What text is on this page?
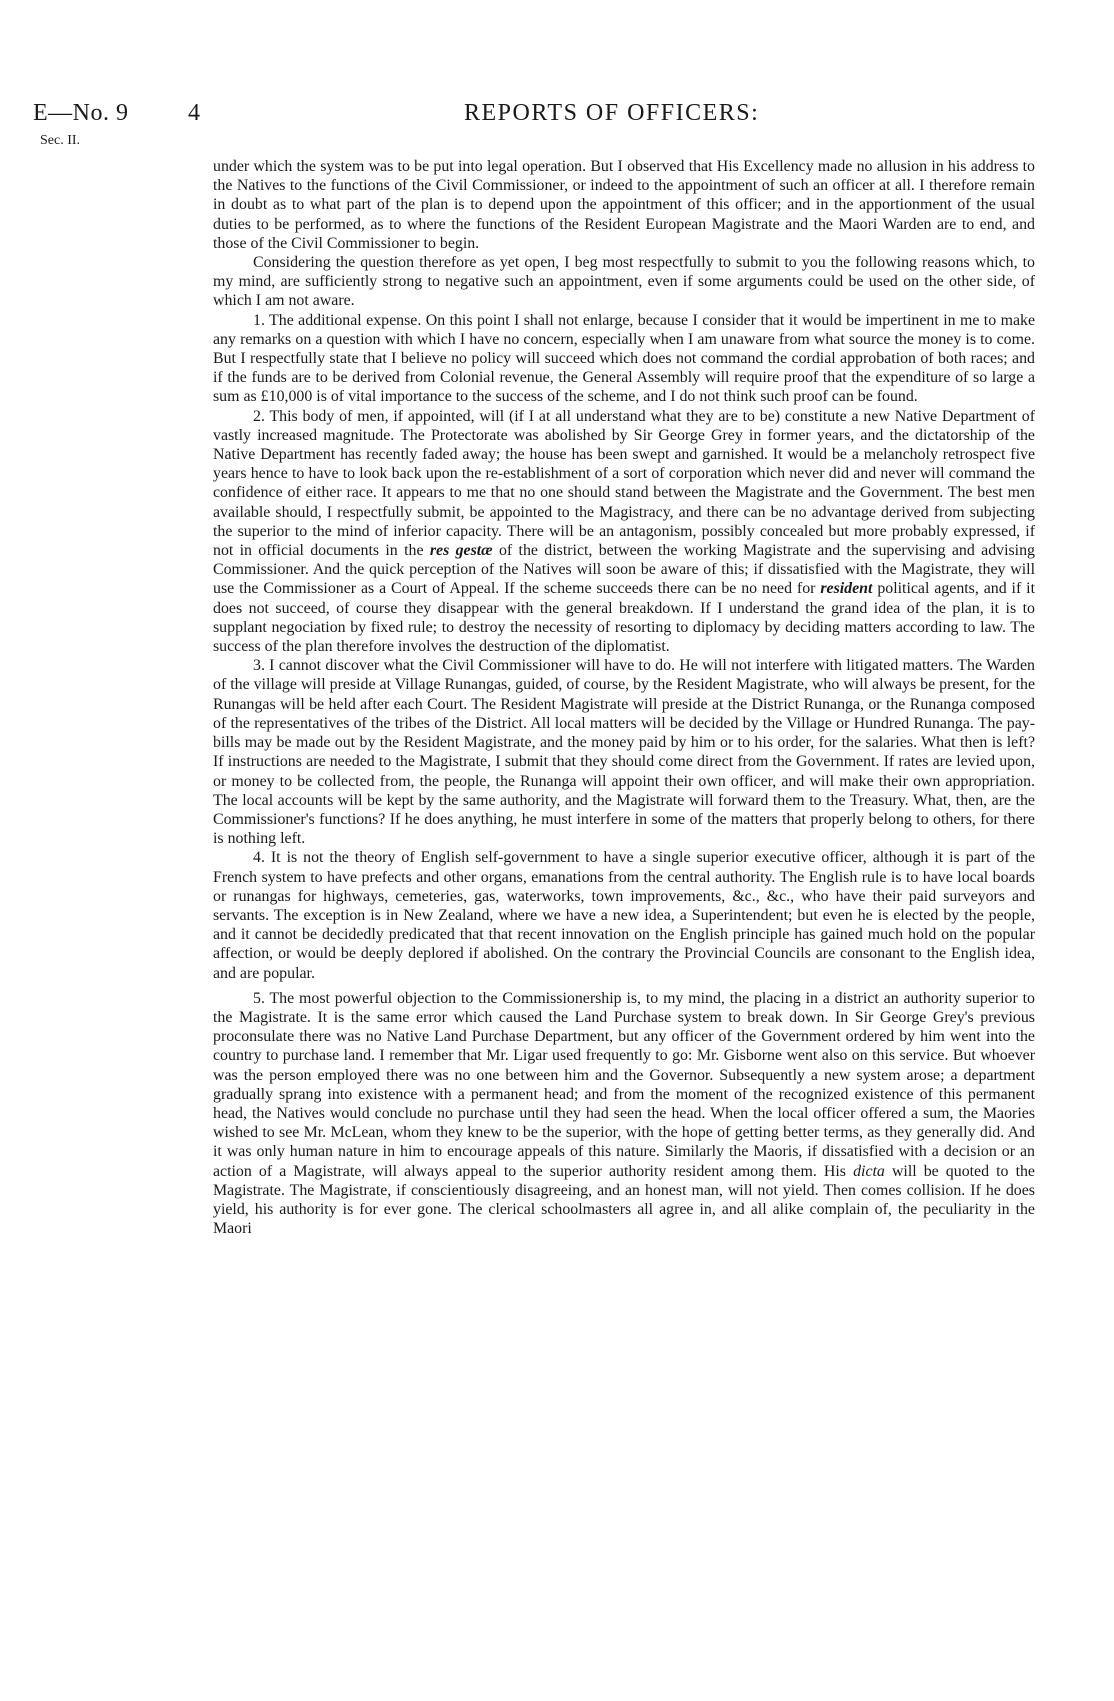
E—No. 9
Sec. II.
4	REPORTS OF OFFICERS:

under which the system was to be put into legal operation. But I observed that His Excellency made no allusion in his address to the Natives to the functions of the Civil Commissioner, or indeed to the appointment of such an officer at all. I therefore remain in doubt as to what part of the plan is to depend upon the appointment of this officer; and in the apportionment of the usual duties to be performed, as to where the functions of the Resident European Magistrate and the Maori Warden are to end, and those of the Civil Commissioner to begin.

Considering the question therefore as yet open, I beg most respectfully to submit to you the following reasons which, to my mind, are sufficiently strong to negative such an appointment, even if some arguments could be used on the other side, of which I am not aware.

1. The additional expense. On this point I shall not enlarge, because I consider that it would be impertinent in me to make any remarks on a question with which I have no concern, especially when I am unaware from what source the money is to come. But I respectfully state that I believe no policy will succeed which does not command the cordial approbation of both races; and if the funds are to be derived from Colonial revenue, the General Assembly will require proof that the expenditure of so large a sum as £10,000 is of vital importance to the success of the scheme, and I do not think such proof can be found.

2. This body of men, if appointed, will (if I at all understand what they are to be) constitute a new Native Department of vastly increased magnitude. The Protectorate was abolished by Sir George Grey in former years, and the dictatorship of the Native Department has recently faded away; the house has been swept and garnished. It would be a melancholy retrospect five years hence to have to look back upon the re-establishment of a sort of corporation which never did and never will command the confidence of either race. It appears to me that no one should stand between the Magistrate and the Government. The best men available should, I respectfully submit, be appointed to the Magistracy, and there can be no advantage derived from subjecting the superior to the mind of inferior capacity. There will be an antagonism, possibly concealed but more probably expressed, if not in official documents in the res gestæ of the district, between the working Magistrate and the supervising and advising Commissioner. And the quick perception of the Natives will soon be aware of this; if dissatisfied with the Magistrate, they will use the Commissioner as a Court of Appeal. If the scheme succeeds there can be no need for resident political agents, and if it does not succeed, of course they disappear with the general breakdown. If I understand the grand idea of the plan, it is to supplant negociation by fixed rule; to destroy the necessity of resorting to diplomacy by deciding matters according to law. The success of the plan therefore involves the destruction of the diplomatist.

3. I cannot discover what the Civil Commissioner will have to do. He will not interfere with litigated matters. The Warden of the village will preside at Village Runangas, guided, of course, by the Resident Magistrate, who will always be present, for the Runangas will be held after each Court. The Resident Magistrate will preside at the District Runanga, or the Runanga composed of the representatives of the tribes of the District. All local matters will be decided by the Village or Hundred Runanga. The pay-bills may be made out by the Resident Magistrate, and the money paid by him or to his order, for the salaries. What then is left? If instructions are needed to the Magistrate, I submit that they should come direct from the Government. If rates are levied upon, or money to be collected from, the people, the Runanga will appoint their own officer, and will make their own appropriation. The local accounts will be kept by the same authority, and the Magistrate will forward them to the Treasury. What, then, are the Commissioner's functions? If he does anything, he must interfere in some of the matters that properly belong to others, for there is nothing left.

4. It is not the theory of English self-government to have a single superior executive officer, although it is part of the French system to have prefects and other organs, emanations from the central authority. The English rule is to have local boards or runangas for highways, cemeteries, gas, waterworks, town improvements, &c., &c., who have their paid surveyors and servants. The exception is in New Zealand, where we have a new idea, a Superintendent; but even he is elected by the people, and it cannot be decidedly predicated that that recent innovation on the English principle has gained much hold on the popular affection, or would be deeply deplored if abolished. On the contrary the Provincial Councils are consonant to the English idea, and are popular.

5. The most powerful objection to the Commissionership is, to my mind, the placing in a district an authority superior to the Magistrate. It is the same error which caused the Land Purchase system to break down. In Sir George Grey's previous proconsulate there was no Native Land Purchase Department, but any officer of the Government ordered by him went into the country to purchase land. I remember that Mr. Ligar used frequently to go: Mr. Gisborne went also on this service. But whoever was the person employed there was no one between him and the Governor. Subsequently a new system arose; a department gradually sprang into existence with a permanent head; and from the moment of the recognized existence of this permanent head, the Natives would conclude no purchase until they had seen the head. When the local officer offered a sum, the Maories wished to see Mr. McLean, whom they knew to be the superior, with the hope of getting better terms, as they generally did. And it was only human nature in him to encourage appeals of this nature. Similarly the Maoris, if dissatisfied with a decision or an action of a Magistrate, will always appeal to the superior authority resident among them. His dicta will be quoted to the Magistrate. The Magistrate, if conscientiously disagreeing, and an honest man, will not yield. Then comes collision. If he does yield, his authority is for ever gone. The clerical schoolmasters all agree in, and all alike complain of, the peculiarity in the Maori
